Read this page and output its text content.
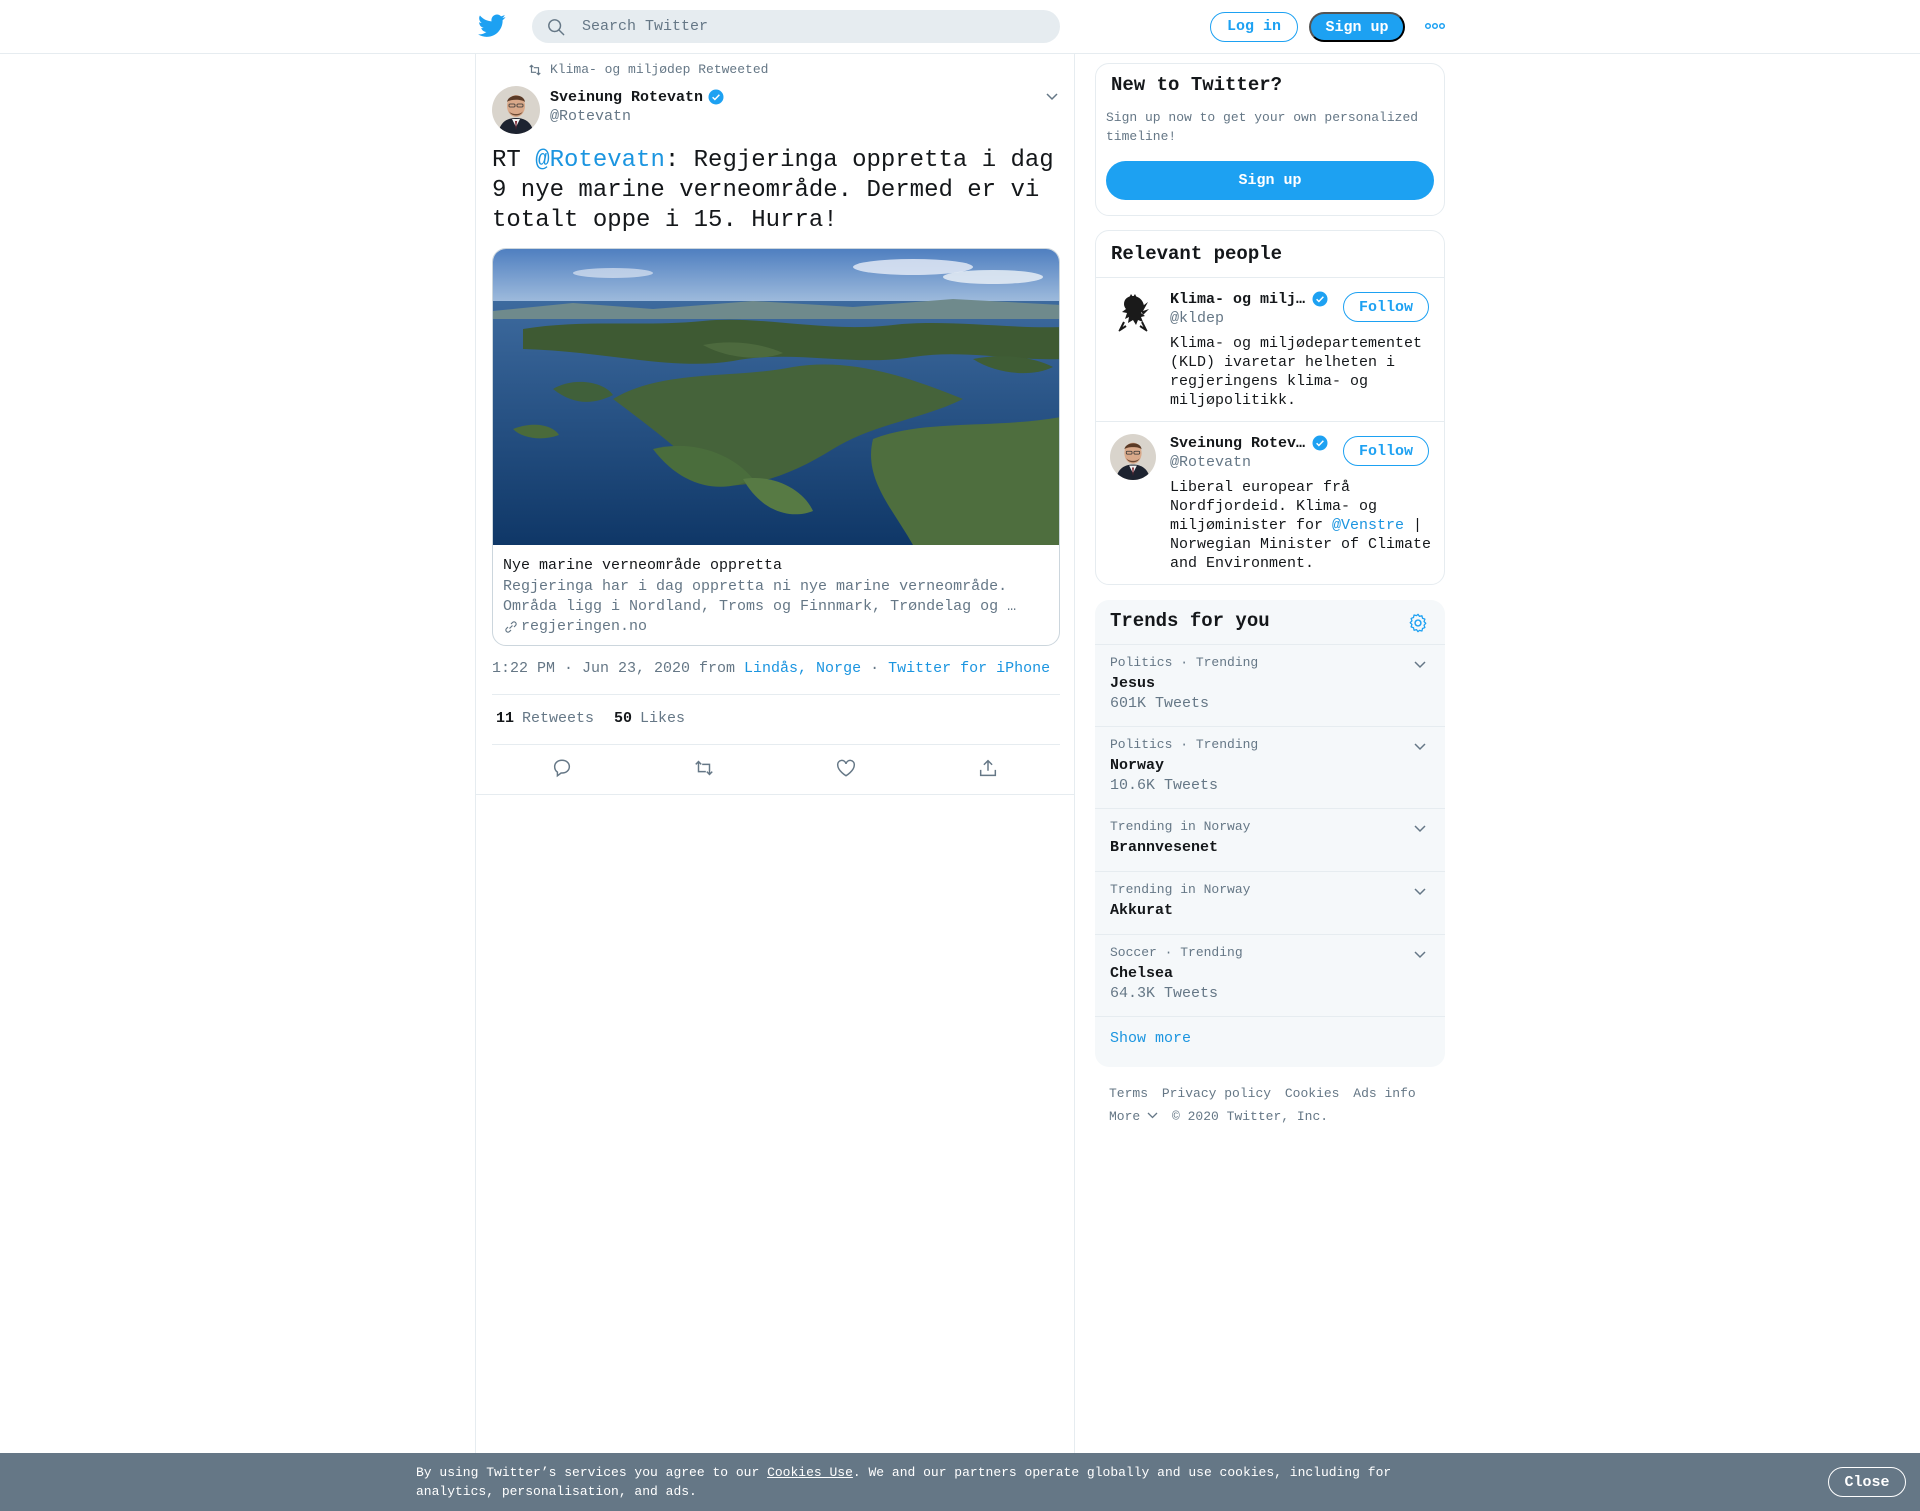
Search Twitter
Log in	Sign up
Klima- og miljødep Retweeted
Sveinung Rotevatn
@Rotevatn
RT @Rotevatn: Regjeringa oppretta i dag 9 nye marine verneområde. Dermed er vi totalt oppe i 15. Hurra!
Nye marine verneområde oppretta
Regjeringa har i dag oppretta ni nye marine verneområde. Områda ligg i Nordland, Troms og Finnmark, Trøndelag og …
regjeringen.no
1:22 PM · Jun 23, 2020 from Lindås, Norge · Twitter for iPhone
11 Retweets 50 Likes
New to Twitter?
Sign up now to get your own personalized timeline!
Sign up
Relevant people
Klima- og milj…
@kldep
Klima- og miljødepartementet (KLD) ivaretar helheten i regjeringens klima- og miljøpolitikk.
Follow
Sveinung Rotev…
@Rotevatn
Liberal europear frå Nordfjordeid. Klima- og miljøminister for @Venstre | Norwegian Minister of Climate and Environment.
Follow
Trends for you
Politics · Trending
Jesus
601K Tweets
Politics · Trending
Norway
10.6K Tweets
Trending in Norway
Brannvesenet
Trending in Norway
Akkurat
Soccer · Trending
Chelsea
64.3K Tweets
Show more
Terms Privacy policy Cookies Ads info
More © 2020 Twitter, Inc.
By using Twitter’s services you agree to our Cookies Use. We and our partners operate globally and use cookies, including for analytics, personalisation, and ads.
Close
